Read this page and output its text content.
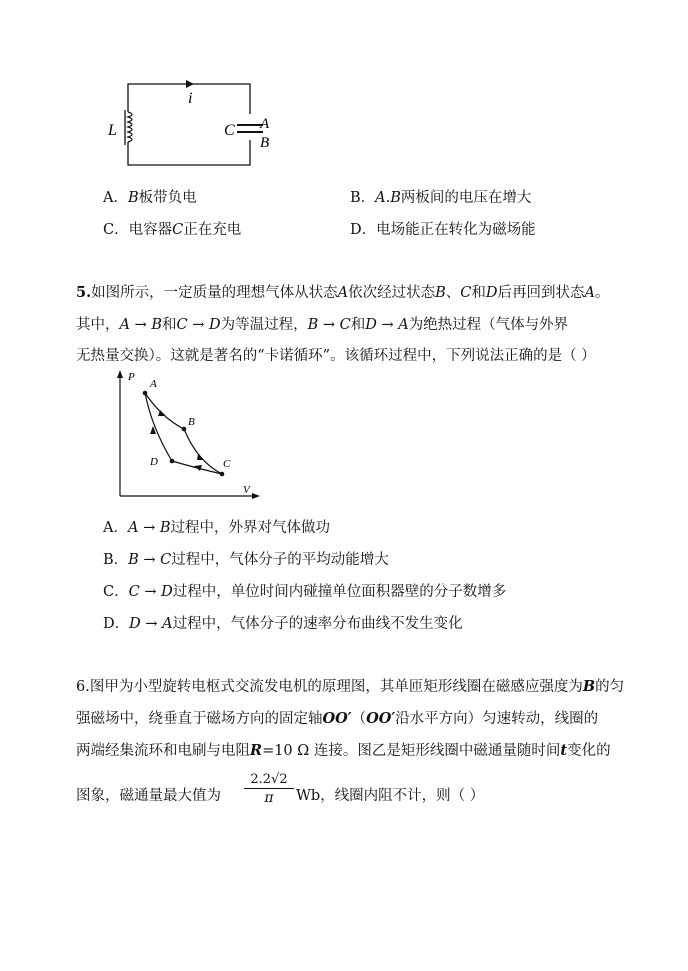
i
L	C A
B
A．B板带负电	B．A.B两板间的电压在增大
C．电容器C正在充电	D．电场能正在转化为磁场能
5.如图所示，一定质量的理想气体从状态A依次经过状态B、C和D后再回到状态A。
其中，A → B和C → D为等温过程，B → C和D → A为绝热过程（气体与外界
无热量交换）。这就是著名的“卡诺循环”。该循环过程中，下列说法正确的是（ ）
P
V
A
B
C
D
A．A → B过程中，外界对气体做功
B．B → C过程中，气体分子的平均动能增大
C．C → D过程中，单位时间内碰撞单位面积器壁的分子数增多
D．D → A过程中，气体分子的速率分布曲线不发生变化
6.图甲为小型旋转电枢式交流发电机的原理图，其单匝矩形线圈在磁感应强度为B的匀
强磁场中，绕垂直于磁场方向的固定轴OO′（OO′沿水平方向）匀速转动，线圈的
两端经集流环和电刷与电阻R=10 Ω 连接。图乙是矩形线圈中磁通量随时间t变化的
图象，磁通量最大值为 $\frac{2.2√2}{\pi}$ Wb，线圈内阻不计，则（ ）
